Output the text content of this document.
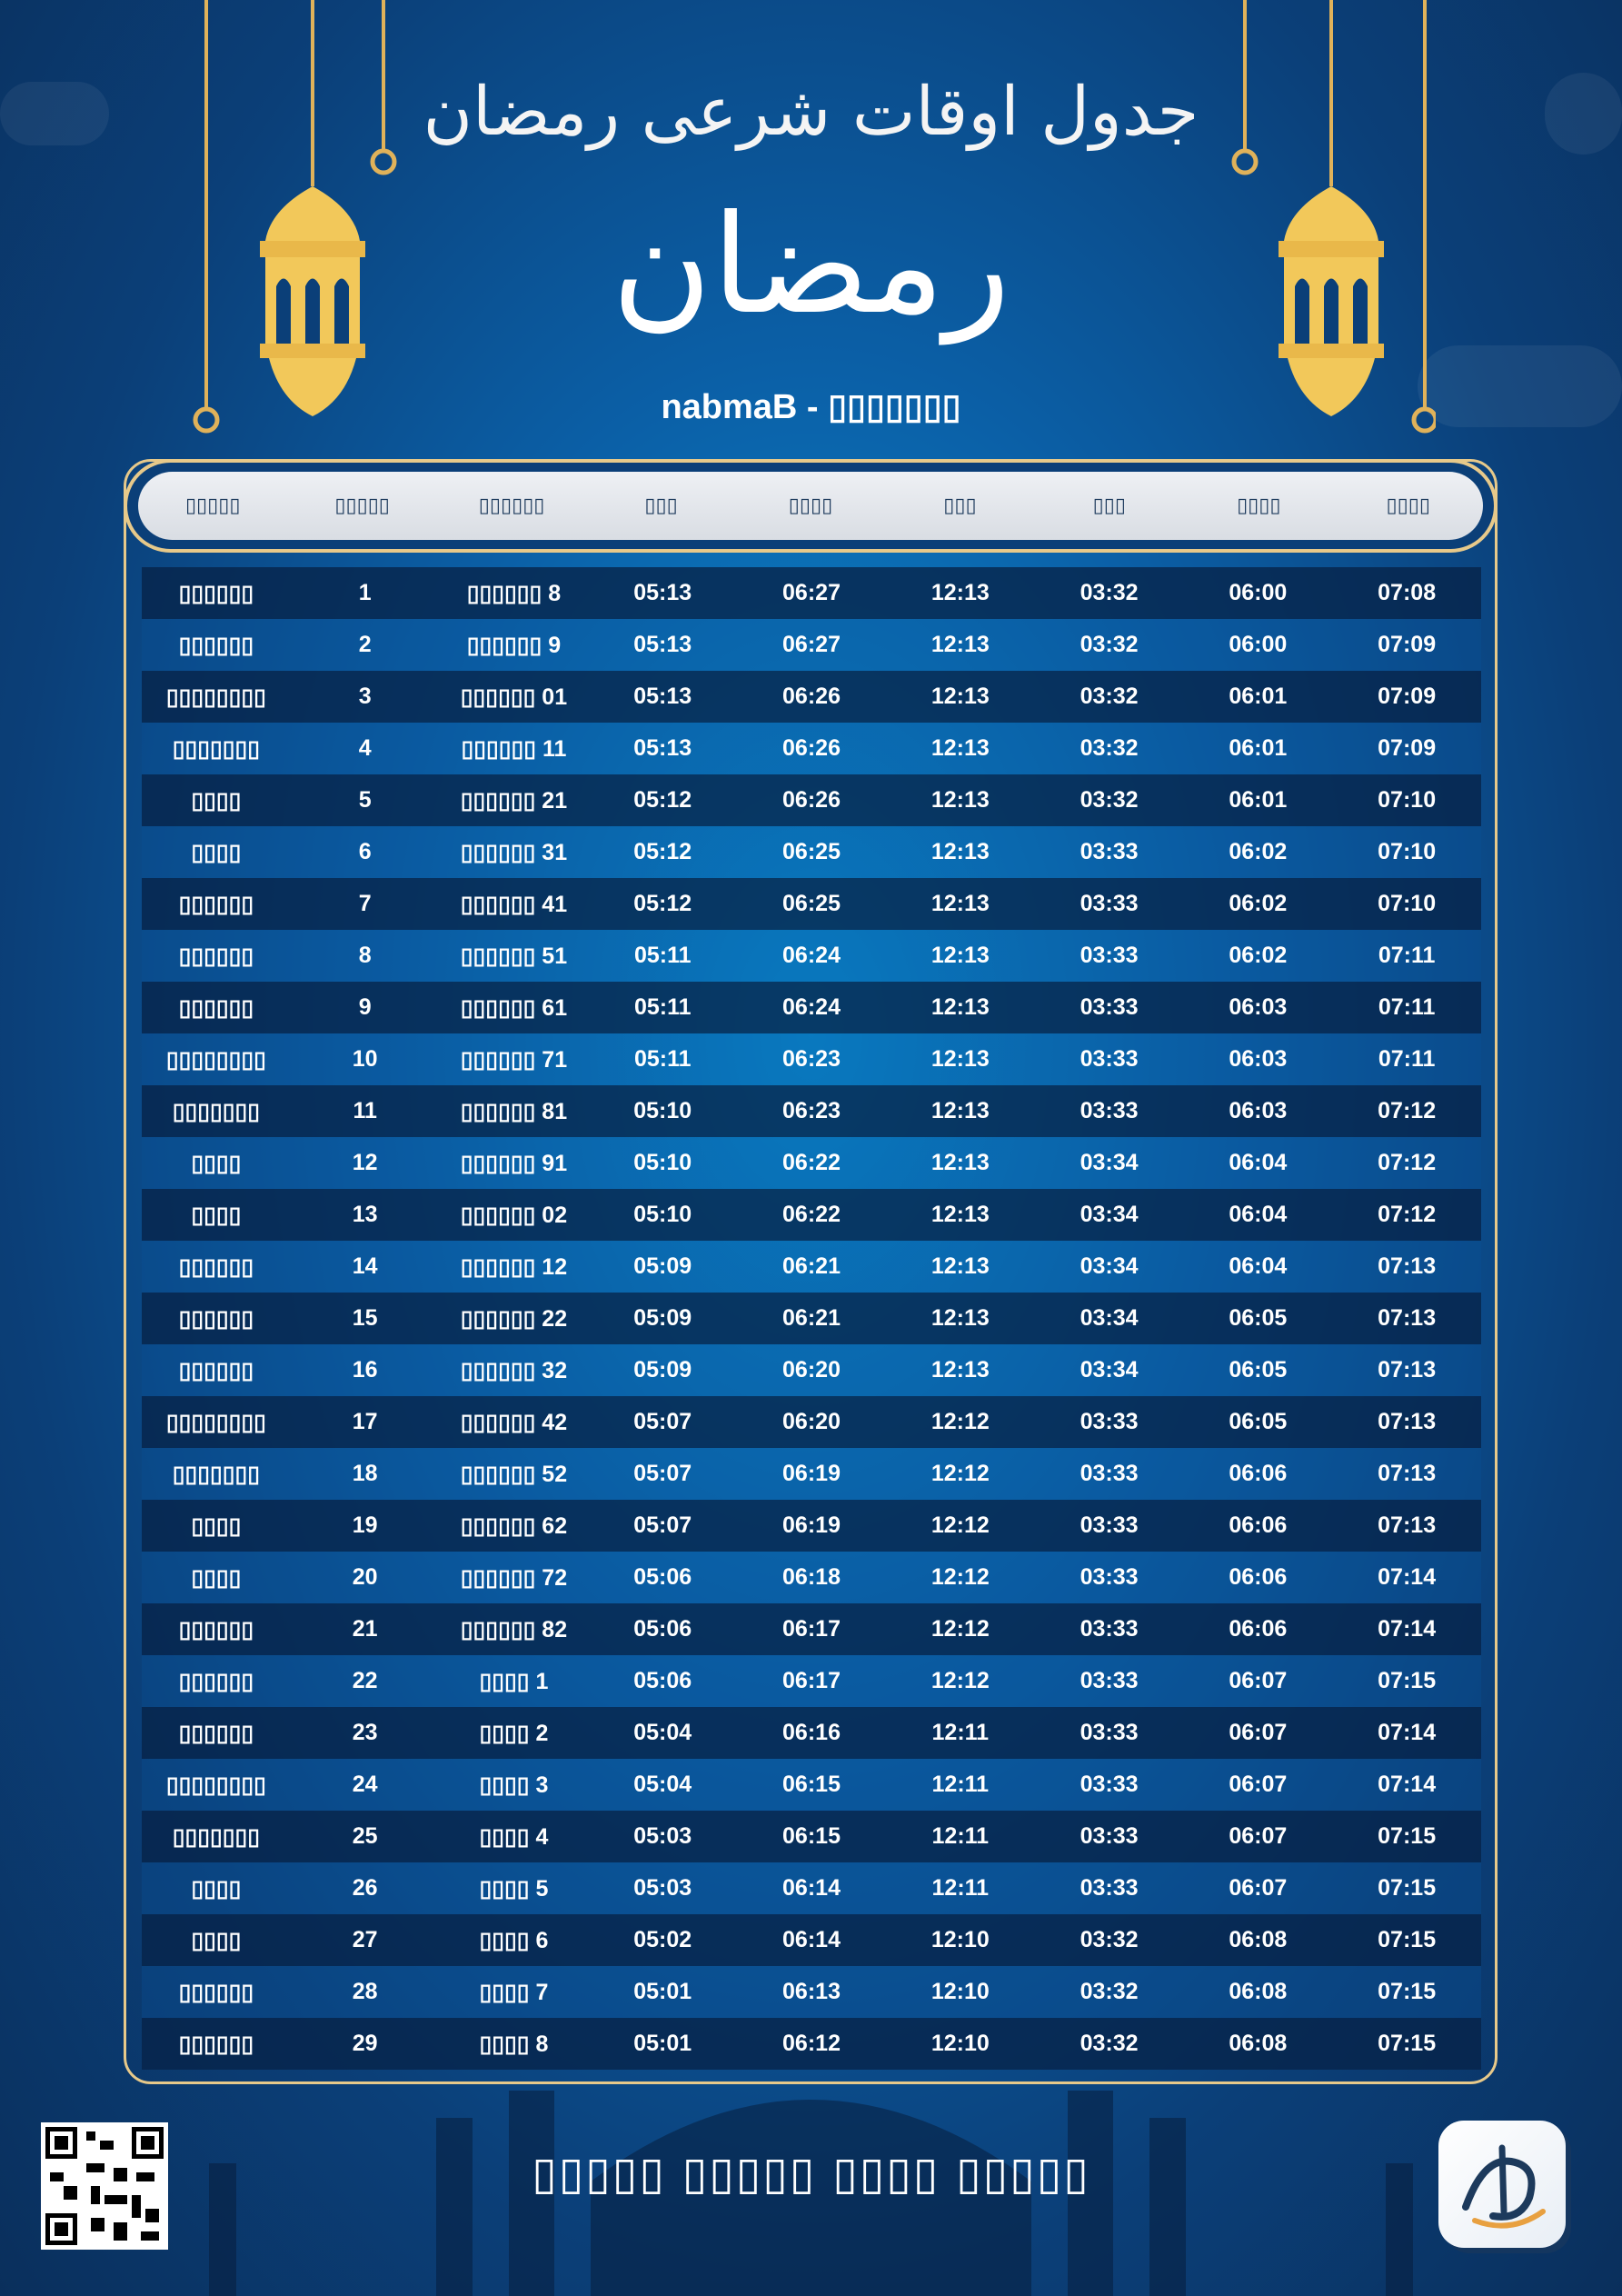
جدول اوقات شرعی رمضان
رمضان
nabmaB - ▯▯▯▯▯▯▯
▯▯▯▯▯	▯▯▯▯▯	▯▯▯▯▯▯	▯▯▯	▯▯▯▯	▯▯▯	▯▯▯	▯▯▯▯	▯▯▯▯
▯▯▯▯▯▯	1	▯▯▯▯▯▯ 8	05:13	06:27	12:13	03:32	06:00	07:08
▯▯▯▯▯▯	2	▯▯▯▯▯▯ 9	05:13	06:27	12:13	03:32	06:00	07:09
▯▯▯▯▯▯▯▯	3	▯▯▯▯▯▯ 01	05:13	06:26	12:13	03:32	06:01	07:09
▯▯▯▯▯▯▯	4	▯▯▯▯▯▯ 11	05:13	06:26	12:13	03:32	06:01	07:09
▯▯▯▯	5	▯▯▯▯▯▯ 21	05:12	06:26	12:13	03:32	06:01	07:10
▯▯▯▯	6	▯▯▯▯▯▯ 31	05:12	06:25	12:13	03:33	06:02	07:10
▯▯▯▯▯▯	7	▯▯▯▯▯▯ 41	05:12	06:25	12:13	03:33	06:02	07:10
▯▯▯▯▯▯	8	▯▯▯▯▯▯ 51	05:11	06:24	12:13	03:33	06:02	07:11
▯▯▯▯▯▯	9	▯▯▯▯▯▯ 61	05:11	06:24	12:13	03:33	06:03	07:11
▯▯▯▯▯▯▯▯	10	▯▯▯▯▯▯ 71	05:11	06:23	12:13	03:33	06:03	07:11
▯▯▯▯▯▯▯	11	▯▯▯▯▯▯ 81	05:10	06:23	12:13	03:33	06:03	07:12
▯▯▯▯	12	▯▯▯▯▯▯ 91	05:10	06:22	12:13	03:34	06:04	07:12
▯▯▯▯	13	▯▯▯▯▯▯ 02	05:10	06:22	12:13	03:34	06:04	07:12
▯▯▯▯▯▯	14	▯▯▯▯▯▯ 12	05:09	06:21	12:13	03:34	06:04	07:13
▯▯▯▯▯▯	15	▯▯▯▯▯▯ 22	05:09	06:21	12:13	03:34	06:05	07:13
▯▯▯▯▯▯	16	▯▯▯▯▯▯ 32	05:09	06:20	12:13	03:34	06:05	07:13
▯▯▯▯▯▯▯▯	17	▯▯▯▯▯▯ 42	05:07	06:20	12:12	03:33	06:05	07:13
▯▯▯▯▯▯▯	18	▯▯▯▯▯▯ 52	05:07	06:19	12:12	03:33	06:06	07:13
▯▯▯▯	19	▯▯▯▯▯▯ 62	05:07	06:19	12:12	03:33	06:06	07:13
▯▯▯▯	20	▯▯▯▯▯▯ 72	05:06	06:18	12:12	03:33	06:06	07:14
▯▯▯▯▯▯	21	▯▯▯▯▯▯ 82	05:06	06:17	12:12	03:33	06:06	07:14
▯▯▯▯▯▯	22	▯▯▯▯ 1	05:06	06:17	12:12	03:33	06:07	07:15
▯▯▯▯▯▯	23	▯▯▯▯ 2	05:04	06:16	12:11	03:33	06:07	07:14
▯▯▯▯▯▯▯▯	24	▯▯▯▯ 3	05:04	06:15	12:11	03:33	06:07	07:14
▯▯▯▯▯▯▯	25	▯▯▯▯ 4	05:03	06:15	12:11	03:33	06:07	07:15
▯▯▯▯	26	▯▯▯▯ 5	05:03	06:14	12:11	03:33	06:07	07:15
▯▯▯▯	27	▯▯▯▯ 6	05:02	06:14	12:10	03:32	06:08	07:15
▯▯▯▯▯▯	28	▯▯▯▯ 7	05:01	06:13	12:10	03:32	06:08	07:15
▯▯▯▯▯▯	29	▯▯▯▯ 8	05:01	06:12	12:10	03:32	06:08	07:15
▯▯▯▯▯ ▯▯▯▯▯ ▯▯▯▯ ▯▯▯▯▯
